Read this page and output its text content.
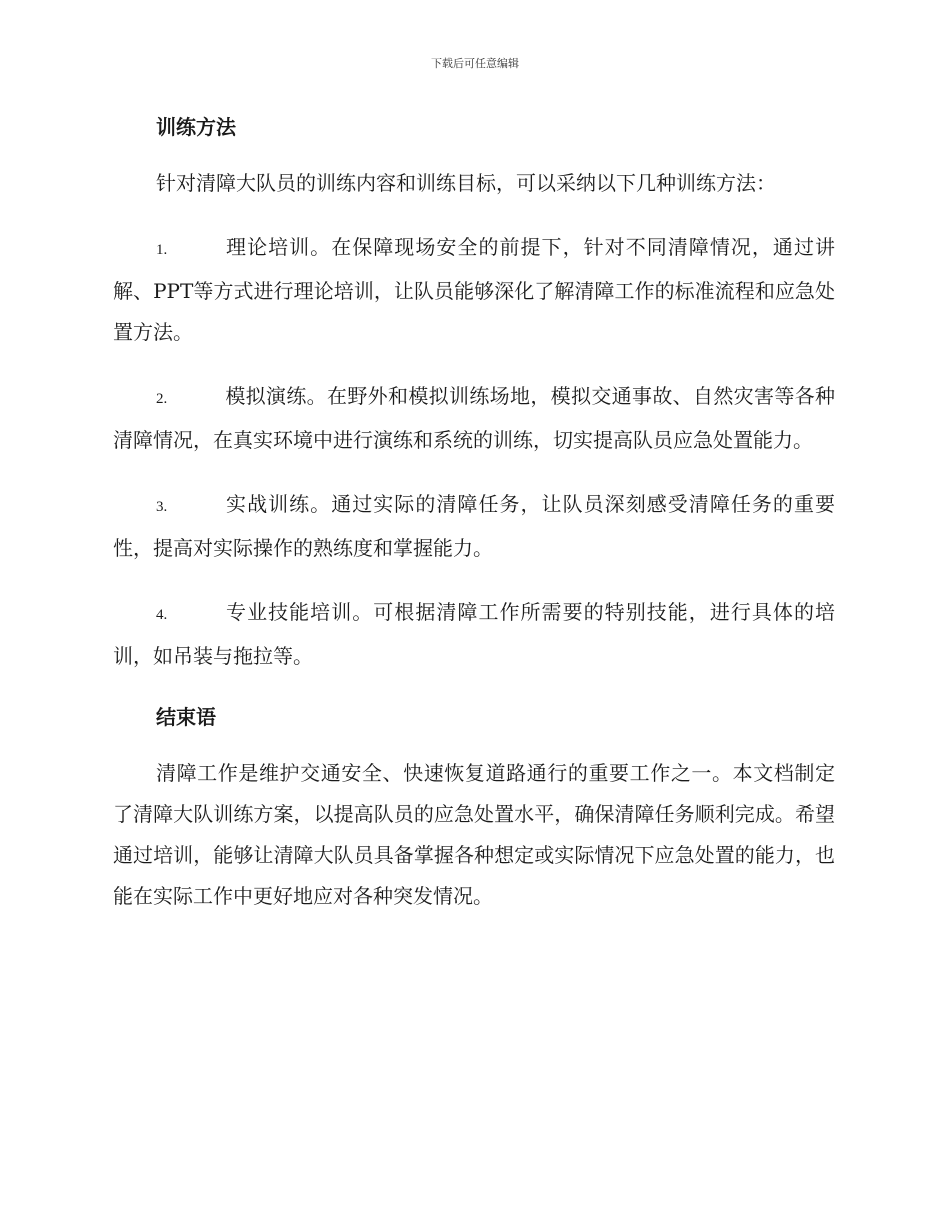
下载后可任意编辑
训练方法

针对清障大队员的训练内容和训练目标，可以采纳以下几种训练方法：

1.	理论培训。在保障现场安全的前提下，针对不同清障情况，通过讲解、PPT等方式进行理论培训，让队员能够深化了解清障工作的标准流程和应急处置方法。

2.	模拟演练。在野外和模拟训练场地，模拟交通事故、自然灾害等各种清障情况，在真实环境中进行演练和系统的训练，切实提高队员应急处置能力。

3.	实战训练。通过实际的清障任务，让队员深刻感受清障任务的重要性，提高对实际操作的熟练度和掌握能力。

4.	专业技能培训。可根据清障工作所需要的特别技能，进行具体的培训，如吊装与拖拉等。

结束语

清障工作是维护交通安全、快速恢复道路通行的重要工作之一。本文档制定了清障大队训练方案，以提高队员的应急处置水平，确保清障任务顺利完成。希望通过培训，能够让清障大队员具备掌握各种想定或实际情况下应急处置的能力，也能在实际工作中更好地应对各种突发情况。
